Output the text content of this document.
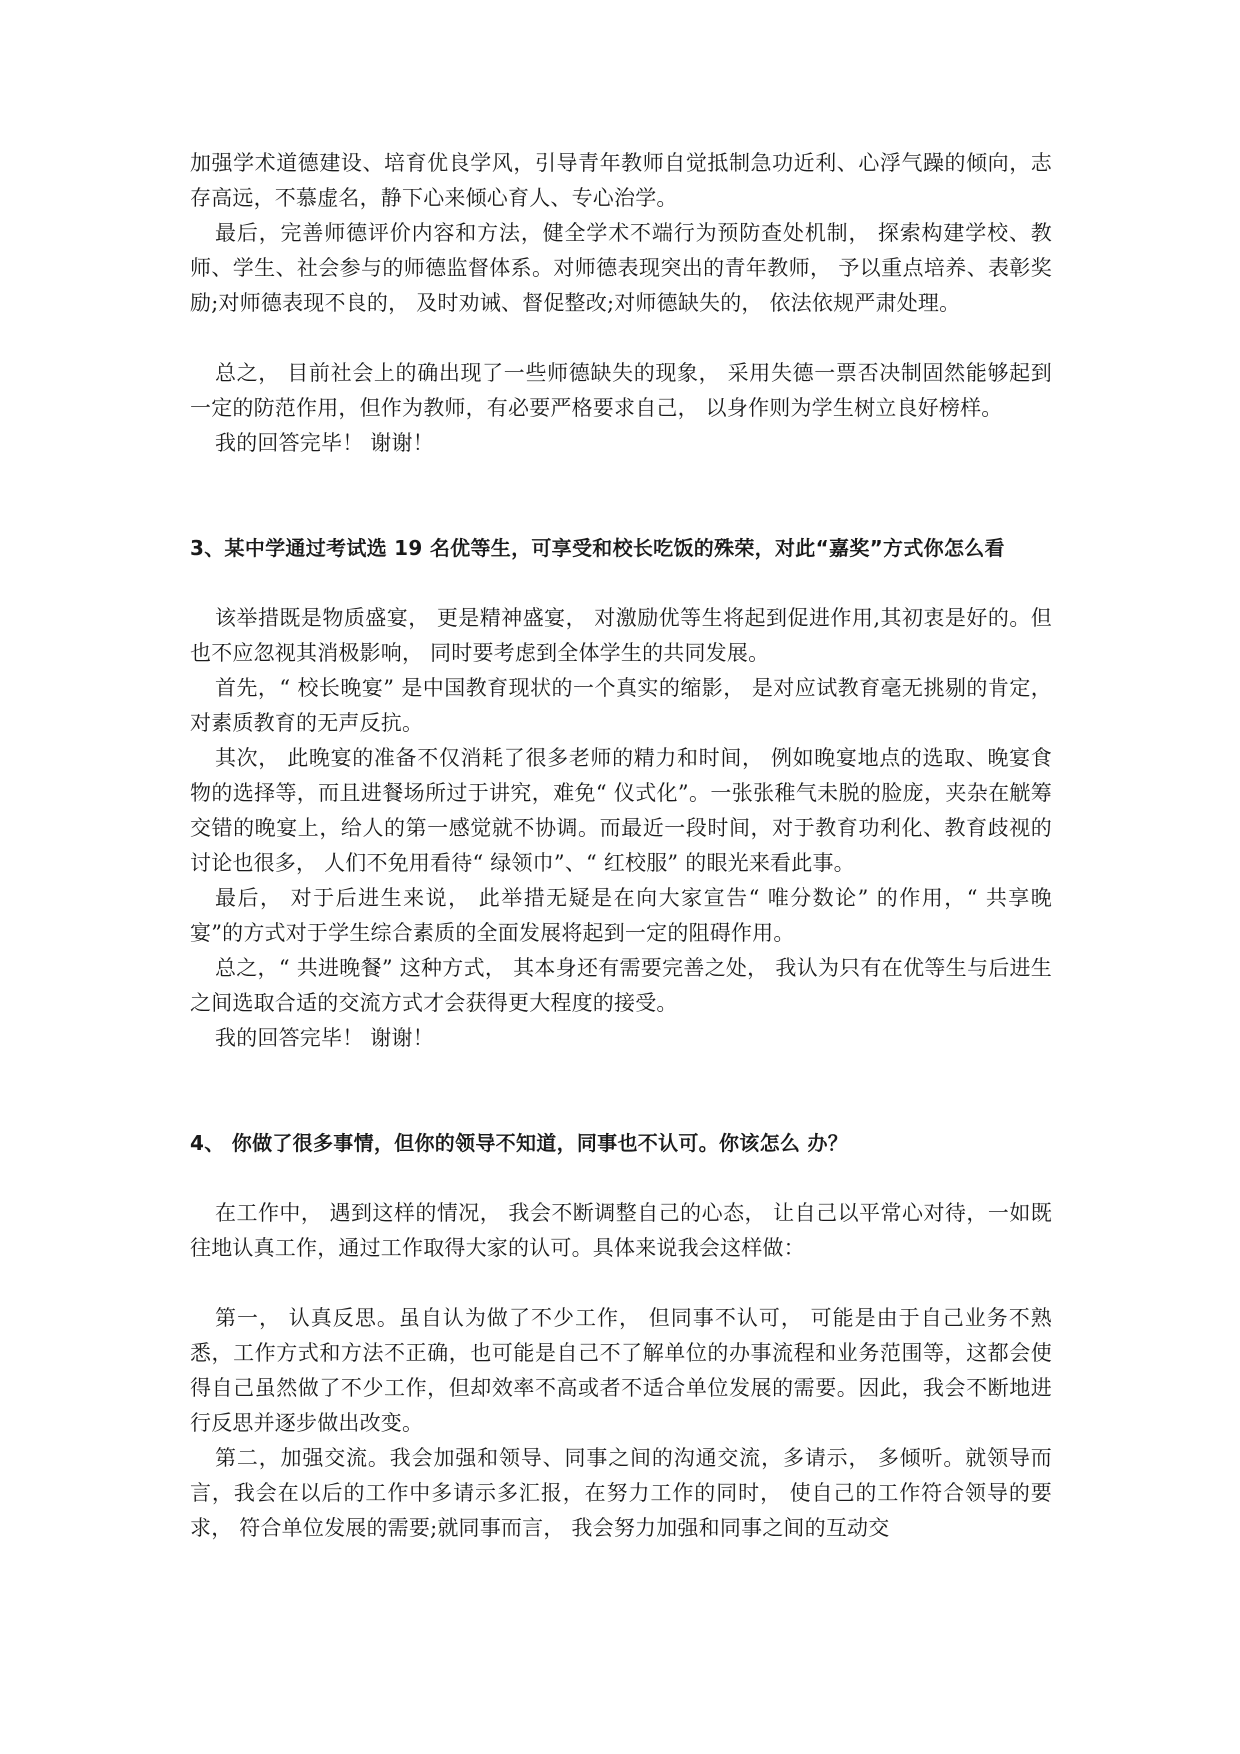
加强学术道德建设、培育优良学风，引导青年教师自觉抵制急功近利、心浮气躁的倾向，志存高远，不慕虚名，静下心来倾心育人、专心治学。

最后，完善师德评价内容和方法，健全学术不端行为预防查处机制， 探索构建学校、教师、学生、社会参与的师德监督体系。对师德表现突出的青年教师， 予以重点培养、表彰奖励;对师德表现不良的， 及时劝诫、督促整改;对师德缺失的， 依法依规严肃处理。

总之， 目前社会上的确出现了一些师德缺失的现象， 采用失德一票否决制固然能够起到一定的防范作用，但作为教师，有必要严格要求自己， 以身作则为学生树立良好榜样。

我的回答完毕！ 谢谢！

3、某中学通过考试选 19 名优等生，可享受和校长吃饭的殊荣，对此“嘉奖”方式你怎么看

该举措既是物质盛宴， 更是精神盛宴， 对激励优等生将起到促进作用,其初衷是好的。但也不应忽视其消极影响， 同时要考虑到全体学生的共同发展。

首先，“ 校长晚宴” 是中国教育现状的一个真实的缩影， 是对应试教育毫无挑剔的肯定， 对素质教育的无声反抗。

其次， 此晚宴的准备不仅消耗了很多老师的精力和时间， 例如晚宴地点的选取、晚宴食物的选择等，而且进餐场所过于讲究，难免“ 仪式化”。一张张稚气未脱的脸庞，夹杂在觥筹交错的晚宴上，给人的第一感觉就不协调。而最近一段时间，对于教育功利化、教育歧视的讨论也很多， 人们不免用看待“ 绿领巾”、“ 红校服” 的眼光来看此事。

最后， 对于后进生来说， 此举措无疑是在向大家宣告“ 唯分数论” 的作用，“ 共享晚宴”的方式对于学生综合素质的全面发展将起到一定的阻碍作用。

总之，“ 共进晚餐” 这种方式， 其本身还有需要完善之处， 我认为只有在优等生与后进生之间选取合适的交流方式才会获得更大程度的接受。

我的回答完毕！ 谢谢！

4、 你做了很多事情，但你的领导不知道，同事也不认可。你该怎么 办？

在工作中， 遇到这样的情况， 我会不断调整自己的心态， 让自己以平常心对待，一如既往地认真工作，通过工作取得大家的认可。具体来说我会这样做：

第一， 认真反思。虽自认为做了不少工作， 但同事不认可， 可能是由于自己业务不熟悉，工作方式和方法不正确，也可能是自己不了解单位的办事流程和业务范围等，这都会使得自己虽然做了不少工作，但却效率不高或者不适合单位发展的需要。因此，我会不断地进行反思并逐步做出改变。

第二，加强交流。我会加强和领导、同事之间的沟通交流，多请示， 多倾听。就领导而言，我会在以后的工作中多请示多汇报，在努力工作的同时， 使自己的工作符合领导的要求， 符合单位发展的需要;就同事而言， 我会努力加强和同事之间的互动交
